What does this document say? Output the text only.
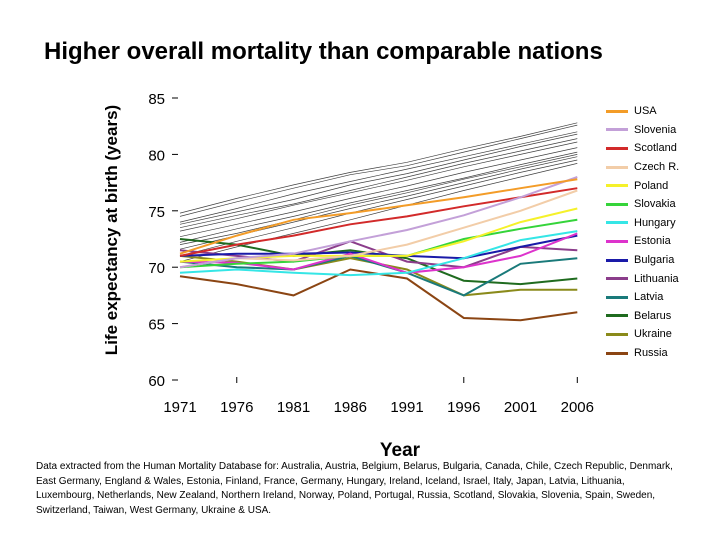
Higher overall mortality than comparable nations
Life expectancy at birth (years)
Year
85
80
75
70
65
60
1971 1976 1981 1986 1991 1996 2001 2006
USA
Slovenia
Scotland
Czech R.
Poland
Slovakia
Hungary
Estonia
Bulgaria
Lithuania
Latvia
Belarus
Ukraine
Russia
Data extracted from the Human Mortality Database for: Australia, Austria, Belgium, Belarus, Bulgaria, Canada, Chile, Czech Republic, Denmark, East Germany, England & Wales, Estonia, Finland, France, Germany, Hungary, Ireland, Iceland, Israel, Italy, Japan, Latvia, Lithuania, Luxembourg, Netherlands, New Zealand, Northern Ireland, Norway, Poland, Portugal, Russia, Scotland, Slovakia, Slovenia, Spain, Sweden, Switzerland, Taiwan, West Germany, Ukraine & USA.
